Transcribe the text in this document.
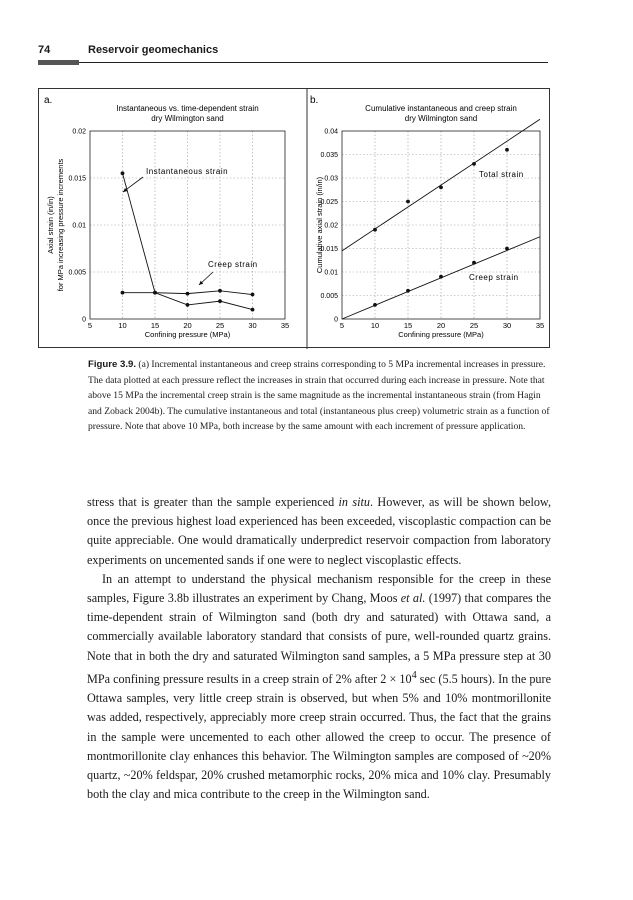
74	Reservoir geomechanics
a.	b.
Instantaneous vs. time-dependent strain
dry Wilmington sand
5	10	15	20	25	30	35
0
0.005
0.01
0.015
0.02
Confining pressure (MPa)
Axial strain (in/in) for MPa increasing pressure increments	Instantaneous strain
Creep strain
Cumulative instantaneous and creep strain
dry Wilmington sand
5	10	15	20	25	30	35
0
0.005
0.01
0.015
0.02
0.025
0.03
0.035
0.04
Confining pressure (MPa)
Cumulative axial strain (in/in)
Total strain
Creep strain
Figure 3.9. (a) Incremental instantaneous and creep strains corresponding to 5 MPa incremental increases in pressure. The data plotted at each pressure reflect the increases in strain that occurred during each increase in pressure. Note that above 15 MPa the incremental creep strain is the same magnitude as the incremental instantaneous strain (from Hagin and Zoback 2004b). The cumulative instantaneous and total (instantaneous plus creep) volumetric strain as a function of pressure. Note that above 10 MPa, both increase by the same amount with each increment of pressure application.

stress that is greater than the sample experienced in situ. However, as will be shown below, once the previous highest load experienced has been exceeded, viscoplastic compaction can be quite appreciable. One would dramatically underpredict reservoir compaction from laboratory experiments on uncemented sands if one were to neglect viscoplastic effects.

In an attempt to understand the physical mechanism responsible for the creep in these samples, Figure 3.8b illustrates an experiment by Chang, Moos et al. (1997) that compares the time-dependent strain of Wilmington sand (both dry and saturated) with Ottawa sand, a commercially available laboratory standard that consists of pure, well-rounded quartz grains. Note that in both the dry and saturated Wilmington sand samples, a 5 MPa pressure step at 30 MPa confining pressure results in a creep strain of 2% after $2 \times 10^4$ sec (5.5 hours). In the pure Ottawa samples, very little creep strain is observed, but when 5% and 10% montmorillonite was added, respectively, appreciably more creep strain occurred. Thus, the fact that the grains in the sample were uncemented to each other allowed the creep to occur. The presence of montmorillonite clay enhances this behavior. The Wilmington samples are composed of ~20% quartz, ~20% feldspar, 20% crushed metamorphic rocks, 20% mica and 10% clay. Presumably both the clay and mica contribute to the creep in the Wilmington sand.
